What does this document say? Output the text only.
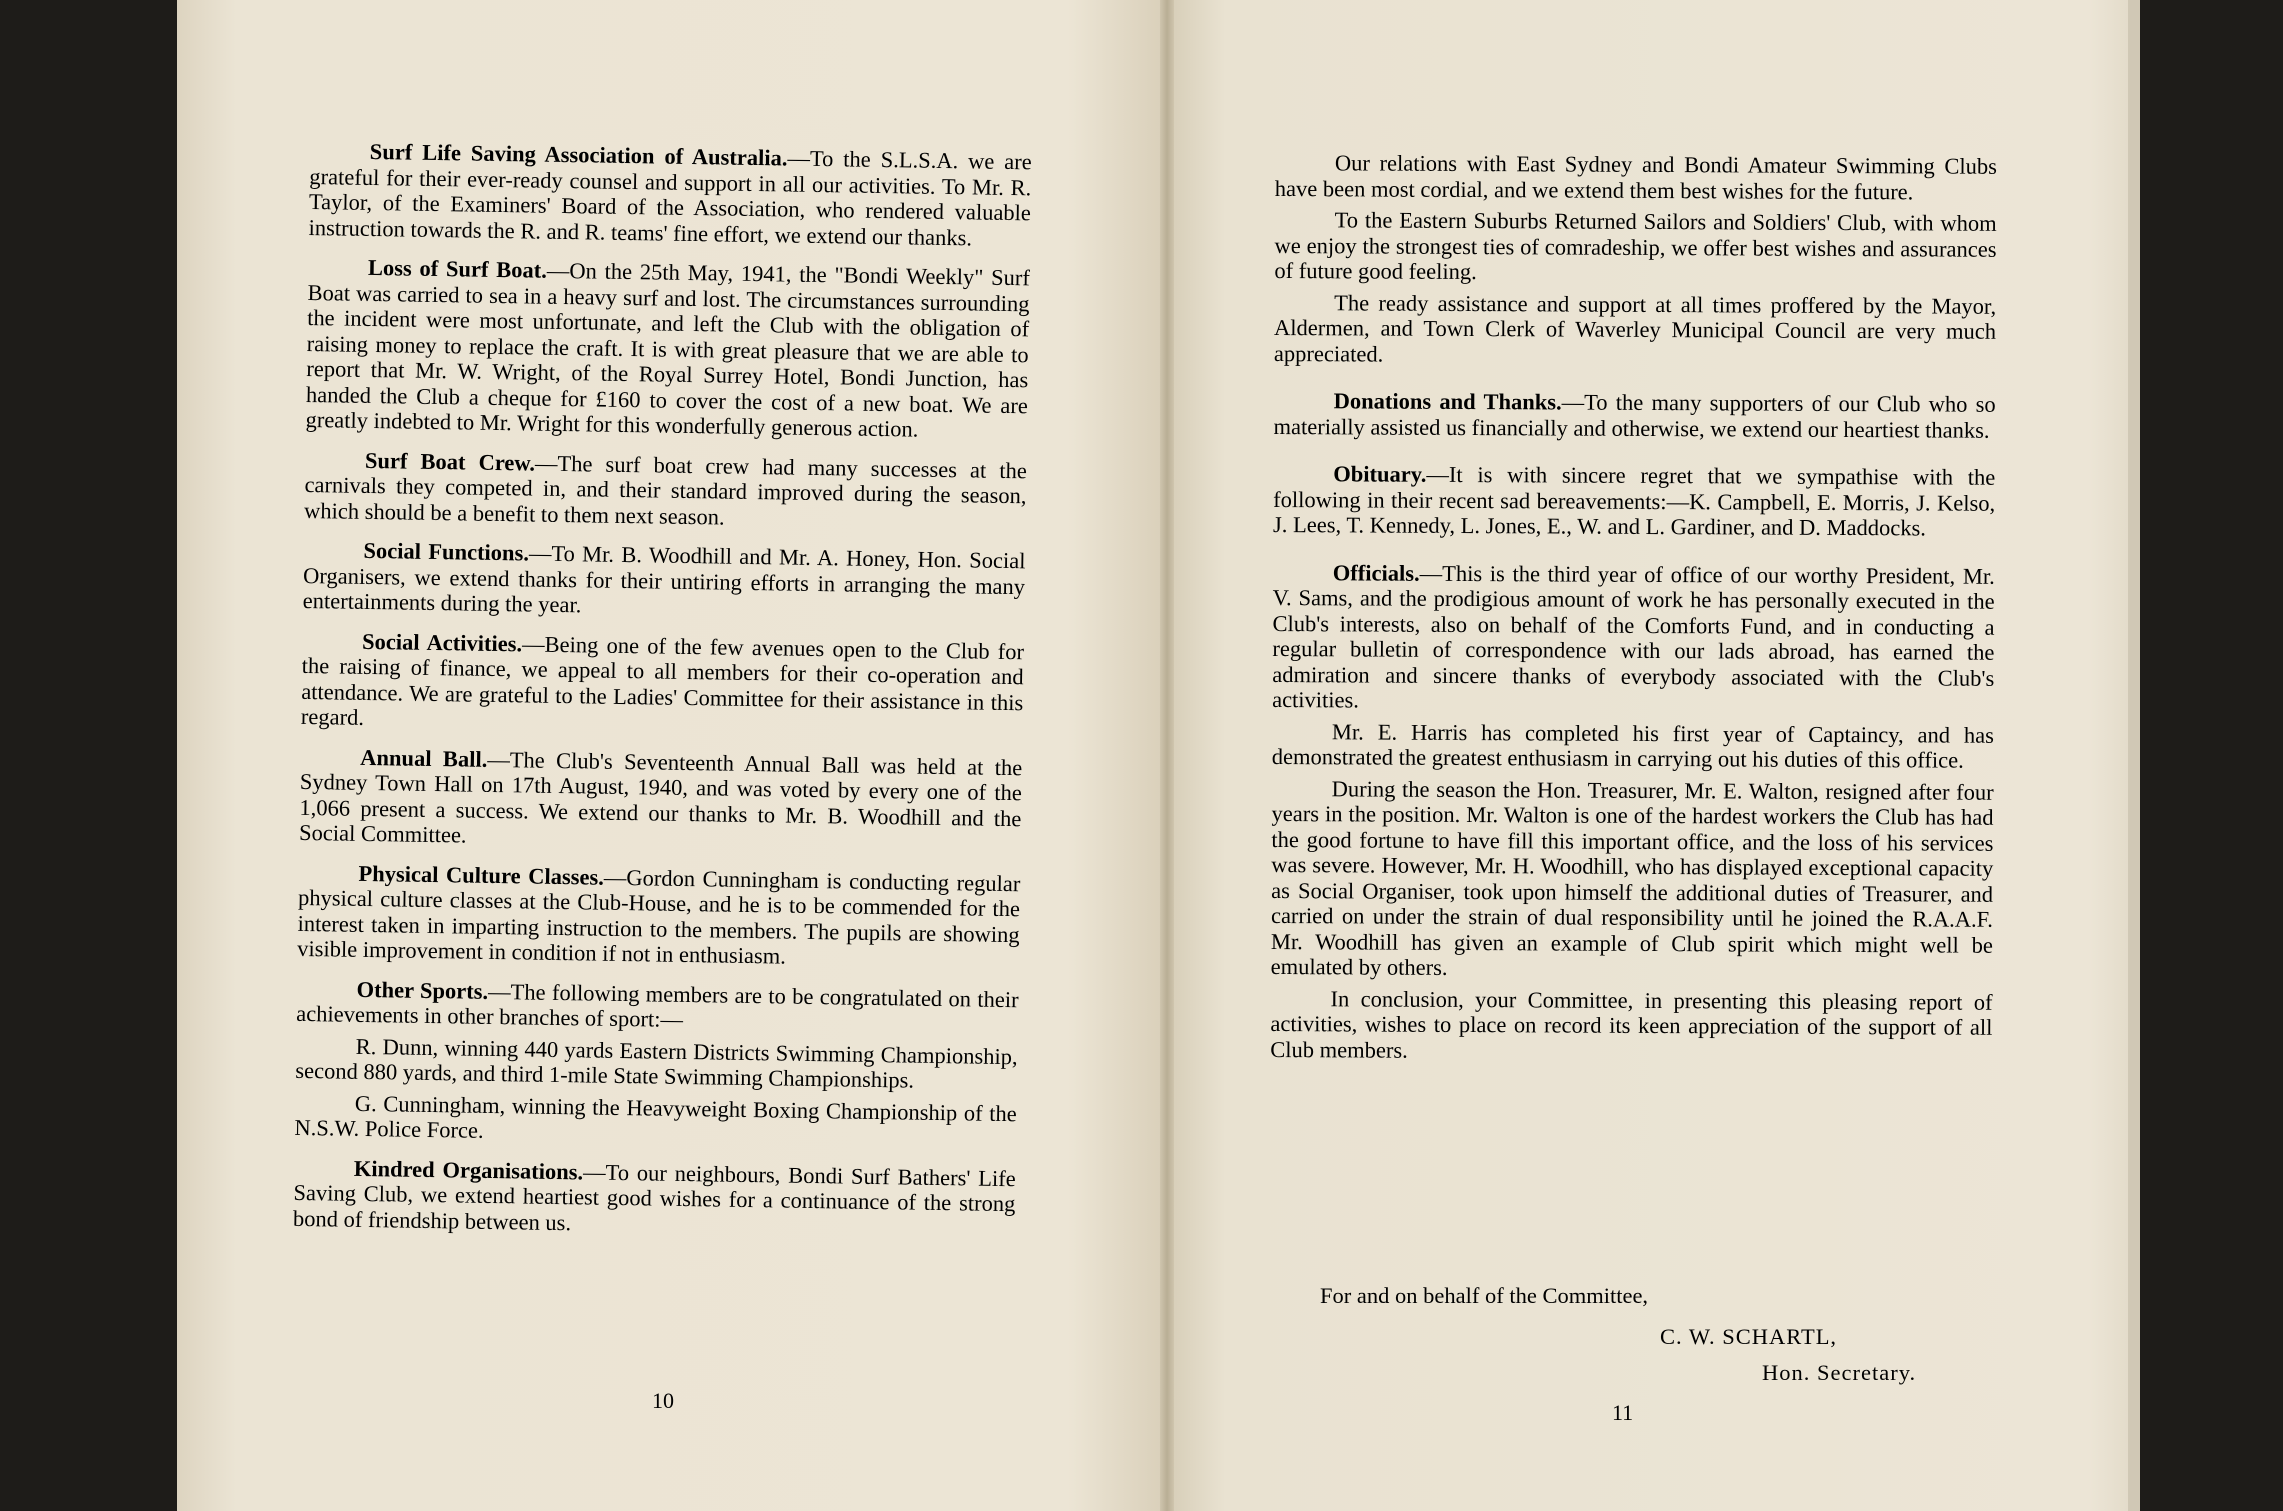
Surf Life Saving Association of Australia.—To the S.L.S.A. we are grateful for their ever-ready counsel and support in all our activities. To Mr. R. Taylor, of the Examiners' Board of the Association, who rendered valuable instruction towards the R. and R. teams' fine effort, we extend our thanks.

Loss of Surf Boat.—On the 25th May, 1941, the "Bondi Weekly" Surf Boat was carried to sea in a heavy surf and lost. The circumstances surrounding the incident were most unfortunate, and left the Club with the obligation of raising money to replace the craft. It is with great pleasure that we are able to report that Mr. W. Wright, of the Royal Surrey Hotel, Bondi Junction, has handed the Club a cheque for £160 to cover the cost of a new boat. We are greatly indebted to Mr. Wright for this wonderfully generous action.

Surf Boat Crew.—The surf boat crew had many successes at the carnivals they competed in, and their standard improved during the season, which should be a benefit to them next season.

Social Functions.—To Mr. B. Woodhill and Mr. A. Honey, Hon. Social Organisers, we extend thanks for their untiring efforts in arranging the many entertainments during the year.

Social Activities.—Being one of the few avenues open to the Club for the raising of finance, we appeal to all members for their co-operation and attendance. We are grateful to the Ladies' Committee for their assistance in this regard.

Annual Ball.—The Club's Seventeenth Annual Ball was held at the Sydney Town Hall on 17th August, 1940, and was voted by every one of the 1,066 present a success. We extend our thanks to Mr. B. Woodhill and the Social Committee.

Physical Culture Classes.—Gordon Cunningham is conducting regular physical culture classes at the Club-House, and he is to be commended for the interest taken in imparting instruction to the members. The pupils are showing visible improvement in condition if not in enthusiasm.

Other Sports.—The following members are to be congratulated on their achievements in other branches of sport:—

R. Dunn, winning 440 yards Eastern Districts Swimming Championship, second 880 yards, and third 1-mile State Swimming Championships.

G. Cunningham, winning the Heavyweight Boxing Championship of the N.S.W. Police Force.

Kindred Organisations.—To our neighbours, Bondi Surf Bathers' Life Saving Club, we extend heartiest good wishes for a continuance of the strong bond of friendship between us.

10

Our relations with East Sydney and Bondi Amateur Swimming Clubs have been most cordial, and we extend them best wishes for the future.

To the Eastern Suburbs Returned Sailors and Soldiers' Club, with whom we enjoy the strongest ties of comradeship, we offer best wishes and assurances of future good feeling.

The ready assistance and support at all times proffered by the Mayor, Aldermen, and Town Clerk of Waverley Municipal Council are very much appreciated.

Donations and Thanks.—To the many supporters of our Club who so materially assisted us financially and otherwise, we extend our heartiest thanks.

Obituary.—It is with sincere regret that we sympathise with the following in their recent sad bereavements:—K. Campbell, E. Morris, J. Kelso, J. Lees, T. Kennedy, L. Jones, E., W. and L. Gardiner, and D. Maddocks.

Officials.—This is the third year of office of our worthy President, Mr. V. Sams, and the prodigious amount of work he has personally executed in the Club's interests, also on behalf of the Comforts Fund, and in conducting a regular bulletin of correspondence with our lads abroad, has earned the admiration and sincere thanks of everybody associated with the Club's activities.

Mr. E. Harris has completed his first year of Captaincy, and has demonstrated the greatest enthusiasm in carrying out his duties of this office.

During the season the Hon. Treasurer, Mr. E. Walton, resigned after four years in the position. Mr. Walton is one of the hardest workers the Club has had the good fortune to have fill this important office, and the loss of his services was severe. However, Mr. H. Woodhill, who has displayed exceptional capacity as Social Organiser, took upon himself the additional duties of Treasurer, and carried on under the strain of dual responsibility until he joined the R.A.A.F. Mr. Woodhill has given an example of Club spirit which might well be emulated by others.

In conclusion, your Committee, in presenting this pleasing report of activities, wishes to place on record its keen appreciation of the support of all Club members.

For and on behalf of the Committee,
C. W. SCHARTL,
Hon. Secretary.
11
